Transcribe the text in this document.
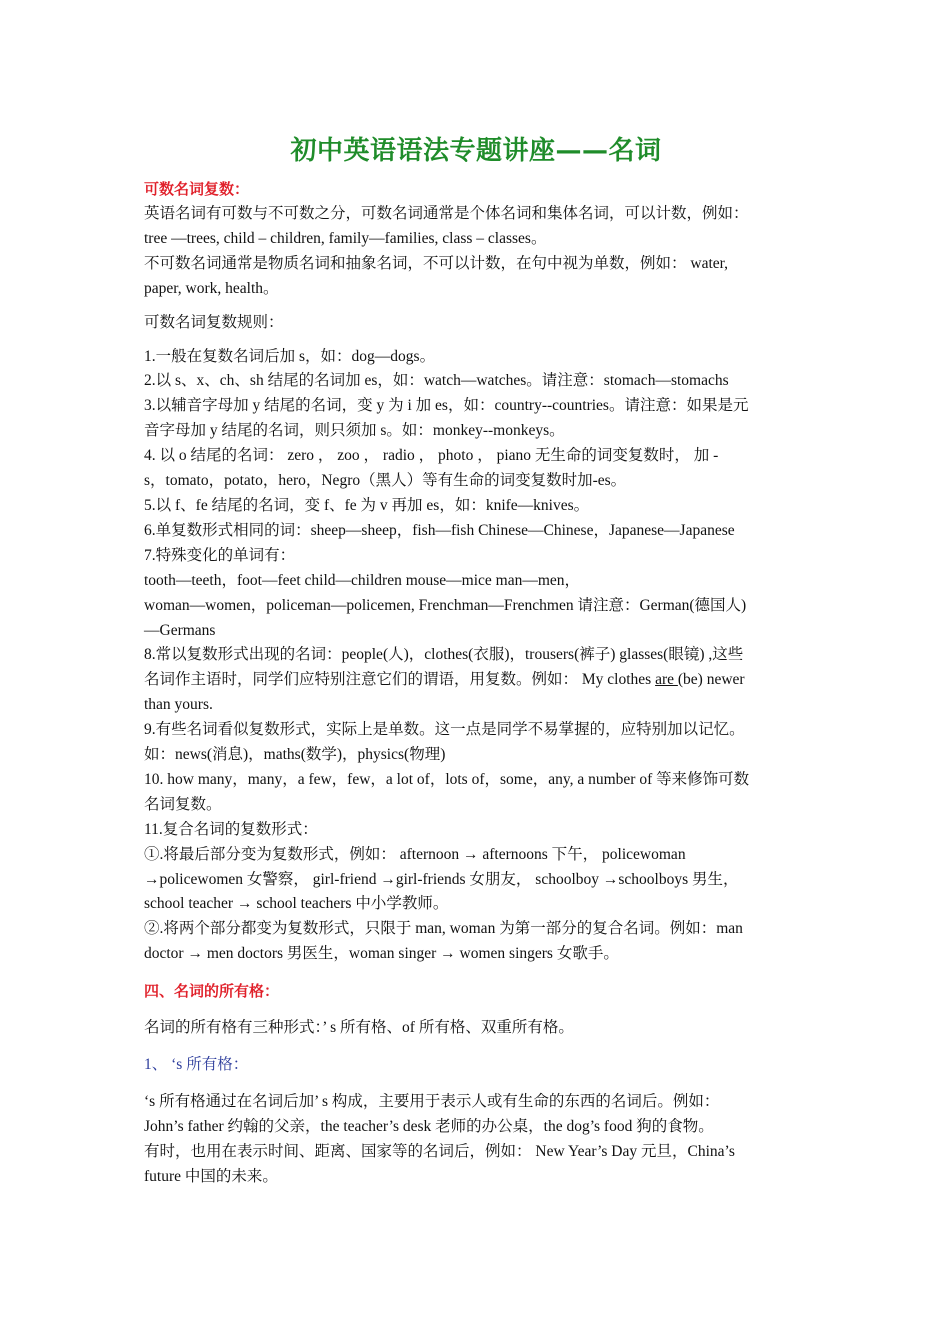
初中英语语法专题讲座——名词
可数名词复数：
英语名词有可数与不可数之分，可数名词通常是个体名词和集体名词，可以计数，例如：
tree —trees, child – children, family—families, class – classes。
不可数名词通常是物质名词和抽象名词，不可以计数，在句中视为单数，例如： water,
paper, work, health。
可数名词复数规则：
1.一般在复数名词后加 s，如：dog—dogs。
2.以 s、x、ch、sh 结尾的名词加 es，如：watch—watches。请注意：stomach—stomachs
3.以辅音字母加 y 结尾的名词，变 y 为 i 加 es，如：country--countries。请注意：如果是元
音字母加 y 结尾的名词，则只须加 s。如：monkey--monkeys。
4. 以 o 结尾的名词： zero ， zoo ， radio ， photo ， piano 无生命的词变复数时， 加 -
s，tomato，potato，hero，Negro（黑人）等有生命的词变复数时加-es。
5.以 f、fe 结尾的名词，变 f、fe 为 v 再加 es，如：knife—knives。
6.单复数形式相同的词：sheep—sheep，fish—fish Chinese—Chinese，Japanese—Japanese
7.特殊变化的单词有：
tooth—teeth，foot—feet child—children mouse—mice man—men，
woman—women，policeman—policemen, Frenchman—Frenchmen 请注意：German(德国人)
—Germans
8.常以复数形式出现的名词：people(人)，clothes(衣服)，trousers(裤子) glasses(眼镜) ,这些
名词作主语时，同学们应特别注意它们的谓语，用复数。例如： My clothes are (be) newer
than yours.
9.有些名词看似复数形式，实际上是单数。这一点是同学不易掌握的，应特别加以记忆。
如：news(消息)，maths(数学)，physics(物理)
10. how many，many，a few，few，a lot of，lots of，some，any, a number of 等来修饰可数
名词复数。
11.复合名词的复数形式：
①.将最后部分变为复数形式，例如： afternoon → afternoons 下午， policewoman
→policewomen 女警察， girl-friend →girl-friends 女朋友， schoolboy →schoolboys 男生，
school teacher → school teachers 中小学教师。
②.将两个部分都变为复数形式，只限于 man, woman 为第一部分的复合名词。例如：man
doctor → men doctors 男医生，woman singer → women singers 女歌手。
四、名词的所有格：
名词的所有格有三种形式：’ s 所有格、of 所有格、双重所有格。
1、 ‘s 所有格：
‘s 所有格通过在名词后加’ s 构成，主要用于表示人或有生命的东西的名词后。例如：
John’s father 约翰的父亲，the teacher’s desk 老师的办公桌，the dog’s food 狗的食物。
有时，也用在表示时间、距离、国家等的名词后，例如： New Year’s Day 元旦，China’s
future 中国的未来。
